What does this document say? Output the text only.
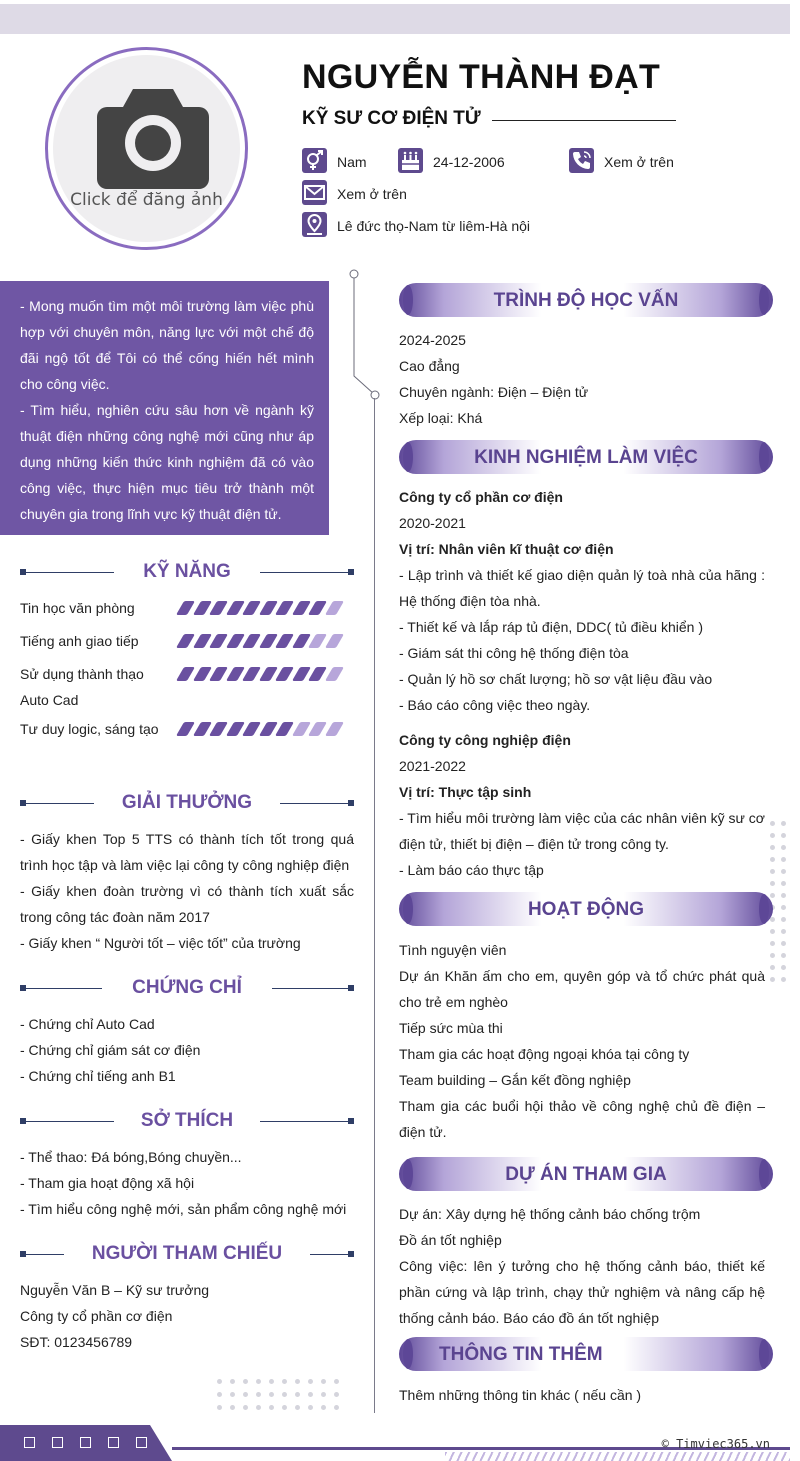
Click để đăng ảnh
NGUYỄN THÀNH ĐẠT
KỸ SƯ CƠ ĐIỆN TỬ
Nam	24-12-2006	Xem ở trên
Xem ở trên
Lê đức thọ-Nam từ liêm-Hà nội

- Mong muốn tìm một môi trường làm việc phù hợp với chuyên môn, năng lực với một chế độ đãi ngộ tốt để Tôi có thể cống hiến hết mình cho công việc.

- Tìm hiểu, nghiên cứu sâu hơn về ngành kỹ thuật điện những công nghệ mới cũng như áp dụng những kiến thức kinh nghiệm đã có vào công việc, thực hiện mục tiêu trở thành một chuyên gia trong lĩnh vực kỹ thuật điện tử.

KỸ NĂNG
Tin học văn phòng
Tiếng anh giao tiếp
Sử dụng thành thạo Auto Cad
Tư duy logic, sáng tạo
GIẢI THƯỞNG

- Giấy khen Top 5 TTS có thành tích tốt trong quá trình học tập và làm việc lại công ty công nghiệp điện

- Giấy khen đoàn trường vì có thành tích xuất sắc trong công tác đoàn năm 2017

- Giấy khen “ Người tốt – việc tốt” của trường

CHỨNG CHỈ

- Chứng chỉ Auto Cad

- Chứng chỉ giám sát cơ điện

- Chứng chỉ tiếng anh B1

SỞ THÍCH

- Thể thao: Đá bóng,Bóng chuyền...

- Tham gia hoạt động xã hội

- Tìm hiểu công nghệ mới, sản phẩm công nghệ mới

NGƯỜI THAM CHIẾU

Nguyễn Văn B – Kỹ sư trưởng

Công ty cổ phần cơ điện

SĐT: 0123456789

TRÌNH ĐỘ HỌC VẤN

2024-2025

Cao đẳng

Chuyên ngành: Điện – Điện tử

Xếp loại: Khá

KINH NGHIỆM LÀM VIỆC

Công ty cổ phần cơ điện

2020-2021

Vị trí: Nhân viên kĩ thuật cơ điện

- Lập trình và thiết kế giao diện quản lý toà nhà của hãng : Hệ thống điện tòa nhà.

- Thiết kế và lắp ráp tủ điện, DDC( tủ điều khiển )

- Giám sát thi công hệ thống điện tòa

- Quản lý hồ sơ chất lượng; hồ sơ vật liệu đầu vào

- Báo cáo công việc theo ngày.

Công ty công nghiệp điện

2021-2022

Vị trí: Thực tập sinh

- Tìm hiểu môi trường làm việc của các nhân viên kỹ sư cơ điện tử, thiết bị điện – điện tử trong công ty.

- Làm báo cáo thực tập

HOẠT ĐỘNG

Tình nguyện viên

Dự án Khăn ấm cho em, quyên góp và tổ chức phát quà cho trẻ em nghèo

Tiếp sức mùa thi

Tham gia các hoạt động ngoại khóa tại công ty

Team building – Gắn kết đồng nghiệp

Tham gia các buổi hội thảo về công nghệ chủ đề điện – điện tử.

DỰ ÁN THAM GIA

Dự án: Xây dựng hệ thống cảnh báo chống trộm

Đồ án tốt nghiệp

Công việc: lên ý tưởng cho hệ thống cảnh báo, thiết kế phần cứng và lập trình, chạy thử nghiệm và nâng cấp hệ thống cảnh báo. Báo cáo đồ án tốt nghiệp

THÔNG TIN THÊM
Thêm những thông tin khác ( nếu cần )
© Timviec365.vn
